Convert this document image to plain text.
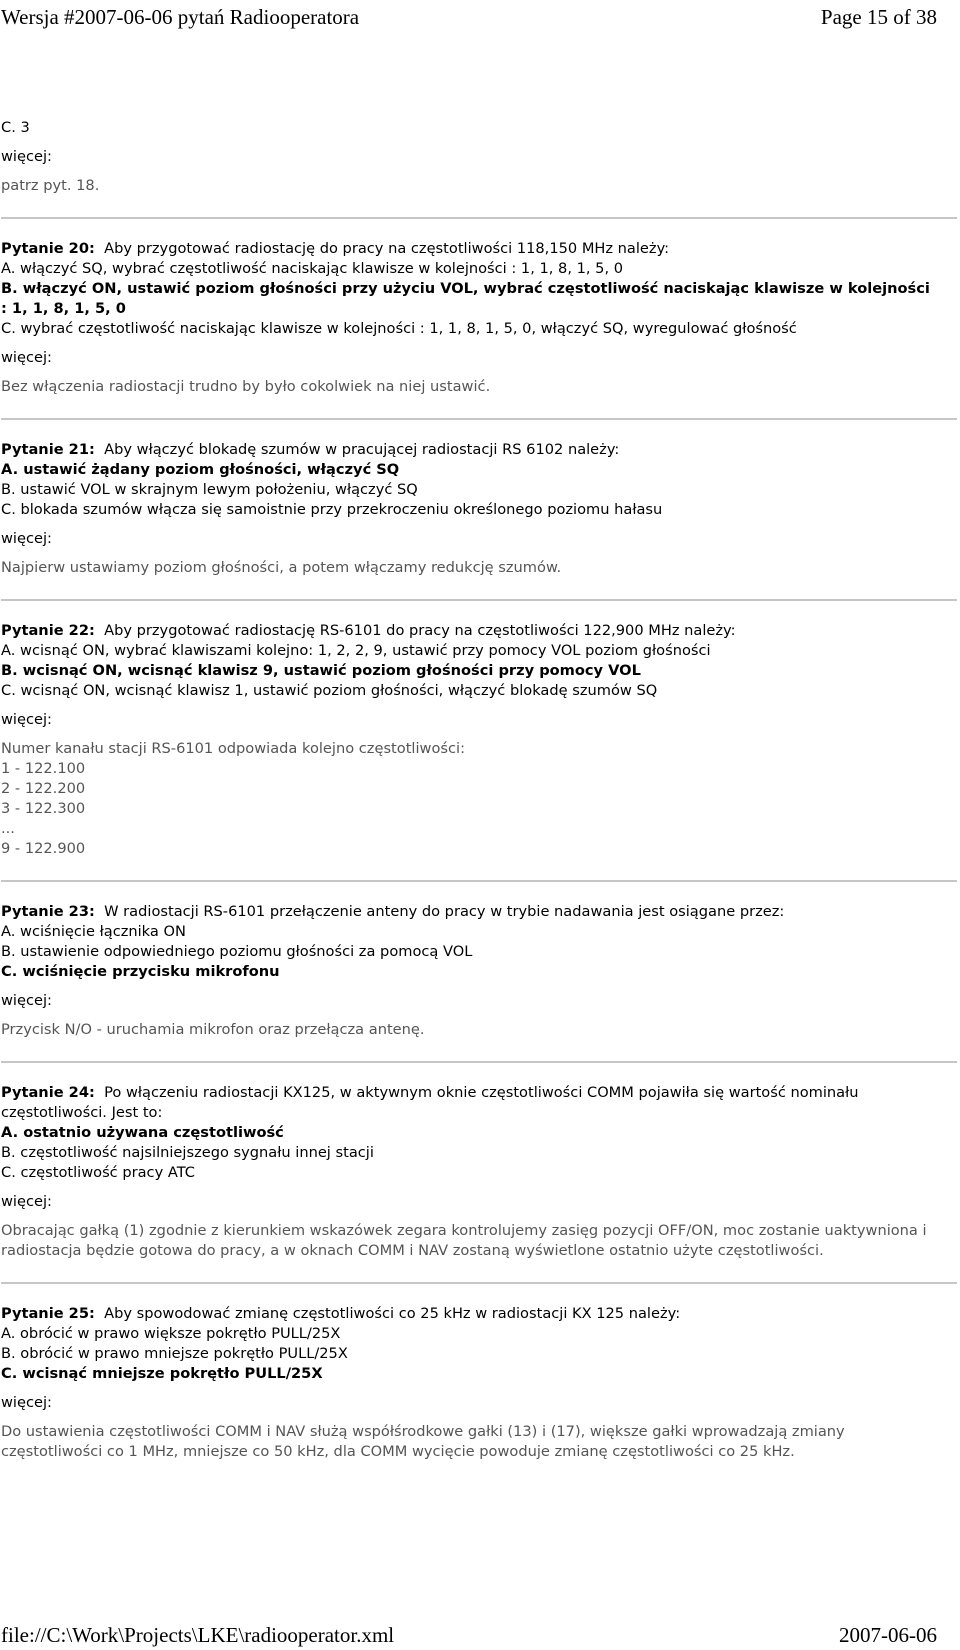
Wersja #2007-06-06 pytań Radiooperatora	Page 15 of 38
C. 3
więcej:
patrz pyt. 18.
Pytanie 20: Aby przygotować radiostację do pracy na częstotliwości 118,150 MHz należy:
A. włączyć SQ, wybrać częstotliwość naciskając klawisze w kolejności : 1, 1, 8, 1, 5, 0
B. włączyć ON, ustawić poziom głośności przy użyciu VOL, wybrać częstotliwość naciskając klawisze w kolejności : 1, 1, 8, 1, 5, 0
C. wybrać częstotliwość naciskając klawisze w kolejności : 1, 1, 8, 1, 5, 0, włączyć SQ, wyregulować głośność
więcej:
Bez włączenia radiostacji trudno by było cokolwiek na niej ustawić.
Pytanie 21: Aby włączyć blokadę szumów w pracującej radiostacji RS 6102 należy:
A. ustawić żądany poziom głośności, włączyć SQ
B. ustawić VOL w skrajnym lewym położeniu, włączyć SQ
C. blokada szumów włącza się samoistnie przy przekroczeniu określonego poziomu hałasu
więcej:
Najpierw ustawiamy poziom głośności, a potem włączamy redukcję szumów.
Pytanie 22: Aby przygotować radiostację RS-6101 do pracy na częstotliwości 122,900 MHz należy:
A. wcisnąć ON, wybrać klawiszami kolejno: 1, 2, 2, 9, ustawić przy pomocy VOL poziom głośności
B. wcisnąć ON, wcisnąć klawisz 9, ustawić poziom głośności przy pomocy VOL
C. wcisnąć ON, wcisnąć klawisz 1, ustawić poziom głośności, włączyć blokadę szumów SQ
więcej:
Numer kanału stacji RS-6101 odpowiada kolejno częstotliwości:
1 - 122.100
2 - 122.200
3 - 122.300
...
9 - 122.900
Pytanie 23: W radiostacji RS-6101 przełączenie anteny do pracy w trybie nadawania jest osiągane przez:
A. wciśnięcie łącznika ON
B. ustawienie odpowiedniego poziomu głośności za pomocą VOL
C. wciśnięcie przycisku mikrofonu
więcej:
Przycisk N/O - uruchamia mikrofon oraz przełącza antenę.
Pytanie 24: Po włączeniu radiostacji KX125, w aktywnym oknie częstotliwości COMM pojawiła się wartość nominału częstotliwości. Jest to:
A. ostatnio używana częstotliwość
B. częstotliwość najsilniejszego sygnału innej stacji
C. częstotliwość pracy ATC
więcej:
Obracając gałką (1) zgodnie z kierunkiem wskazówek zegara kontrolujemy zasięg pozycji OFF/ON, moc zostanie uaktywniona i radiostacja będzie gotowa do pracy, a w oknach COMM i NAV zostaną wyświetlone ostatnio użyte częstotliwości.
Pytanie 25: Aby spowodować zmianę częstotliwości co 25 kHz w radiostacji KX 125 należy:
A. obrócić w prawo większe pokrętło PULL/25X
B. obrócić w prawo mniejsze pokrętło PULL/25X
C. wcisnąć mniejsze pokrętło PULL/25X
więcej:
Do ustawienia częstotliwości COMM i NAV służą współśrodkowe gałki (13) i (17), większe gałki wprowadzają zmiany częstotliwości co 1 MHz, mniejsze co 50 kHz, dla COMM wycięcie powoduje zmianę częstotliwości co 25 kHz.
file://C:\Work\Projects\LKE\radiooperator.xml	2007-06-06
